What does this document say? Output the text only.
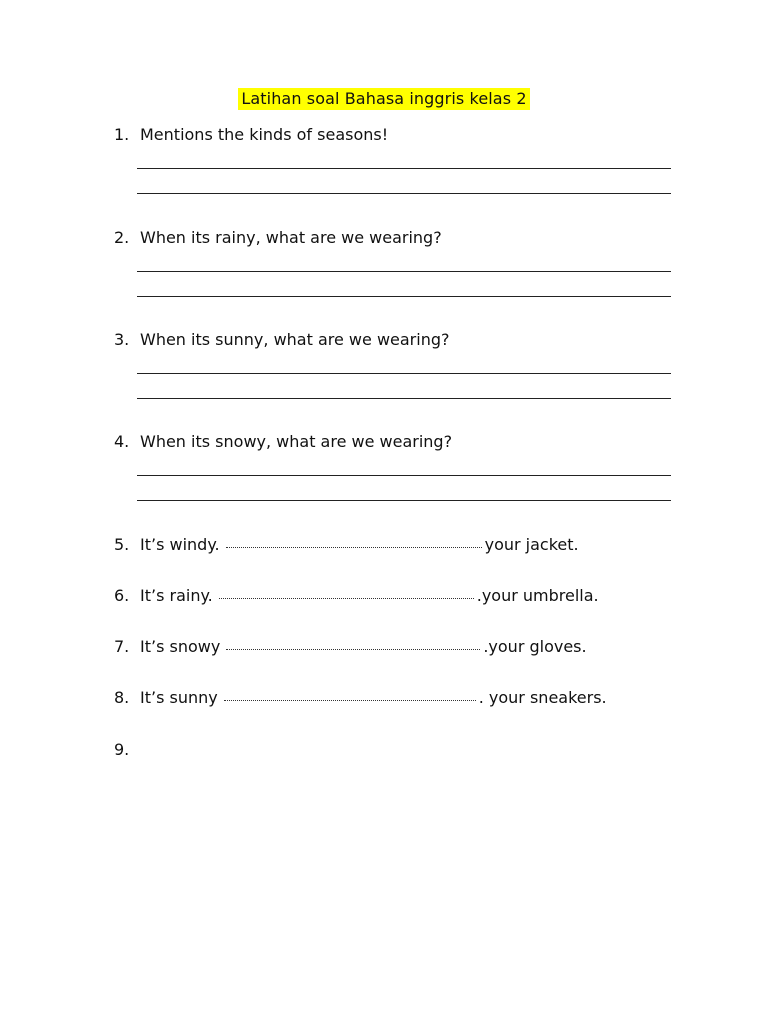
Latihan soal Bahasa inggris kelas 2
1. Mentions the kinds of seasons!
2. When its rainy, what are we wearing?
3. When its sunny, what are we wearing?
4. When its snowy, what are we wearing?
5. It’s windy.	your jacket.
6. It’s rainy.	.your umbrella.
7. It’s snowy	.your gloves.
8. It’s sunny	. your sneakers.
9.
